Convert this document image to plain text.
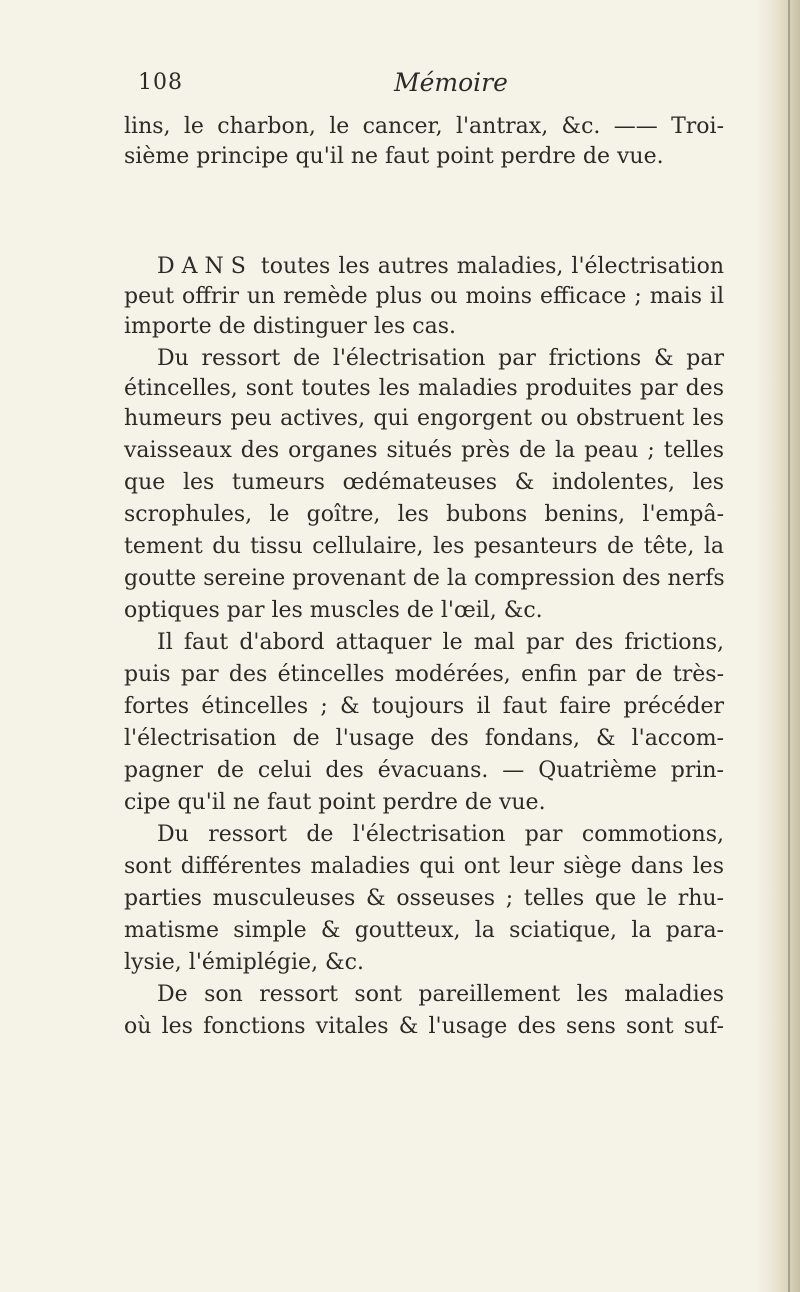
108	Mémoire
lins, le charbon, le cancer, l'antrax, &c. —— Troi-
sième principe qu'il ne faut point perdre de vue.
DANS toutes les autres maladies, l'électrisation
peut offrir un remède plus ou moins efficace ; mais il
importe de distinguer les cas.
Du ressort de l'électrisation par frictions & par
étincelles, sont toutes les maladies produites par des
humeurs peu actives, qui engorgent ou obstruent les
vaisseaux des organes situés près de la peau ; telles
que les tumeurs œdémateuses & indolentes, les
scrophules, le goître, les bubons benins, l'empâ-
tement du tissu cellulaire, les pesanteurs de tête, la
goutte sereine provenant de la compression des nerfs
optiques par les muscles de l'œil, &c.
Il faut d'abord attaquer le mal par des frictions,
puis par des étincelles modérées, enfin par de très-
fortes étincelles ; & toujours il faut faire précéder
l'électrisation de l'usage des fondans, & l'accom-
pagner de celui des évacuans. — Quatrième prin-
cipe qu'il ne faut point perdre de vue.
Du ressort de l'électrisation par commotions,
sont différentes maladies qui ont leur siège dans les
parties musculeuses & osseuses ; telles que le rhu-
matisme simple & goutteux, la sciatique, la para-
lysie, l'émiplégie, &c.
De son ressort sont pareillement les maladies
où les fonctions vitales & l'usage des sens sont suf-
